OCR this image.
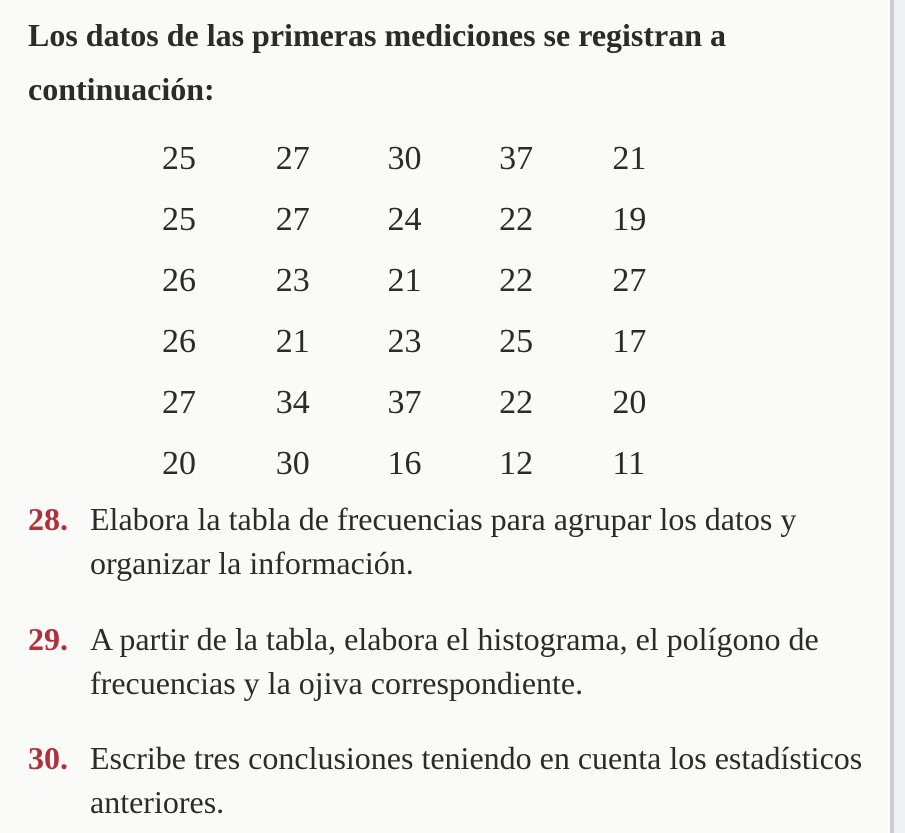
Los datos de las primeras mediciones se registran a continuación:

25	27	30	37	21
25	27	24	22	19
26	23	21	22	27
26	21	23	25	17
27	34	37	22	20
20	30	16	12	11

28. Elabora la tabla de frecuencias para agrupar los datos y organizar la información.

29. A partir de la tabla, elabora el histograma, el polígono de frecuencias y la ojiva correspondiente.

30. Escribe tres conclusiones teniendo en cuenta los estadísticos anteriores.
